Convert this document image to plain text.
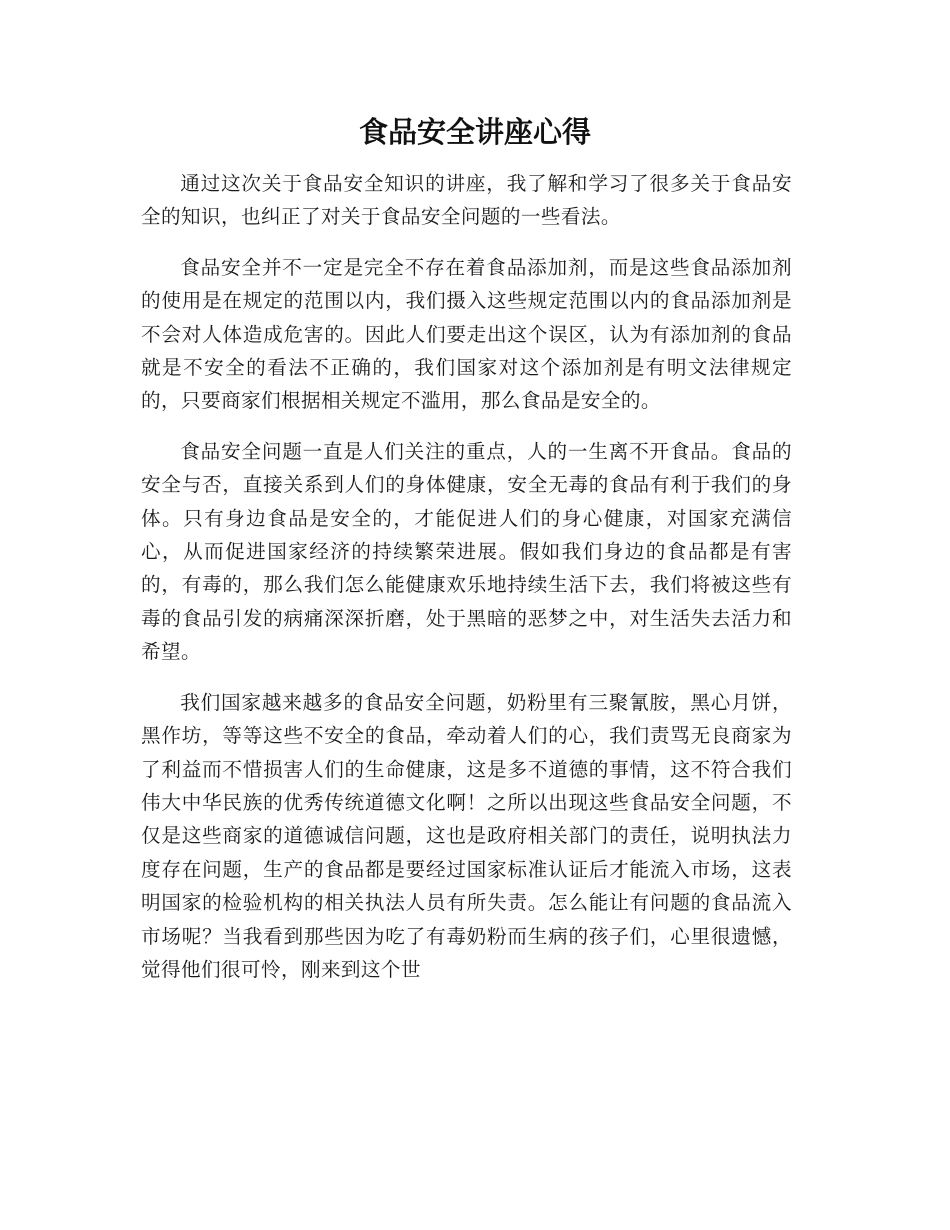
食品安全讲座心得

通过这次关于食品安全知识的讲座，我了解和学习了很多关于食品安全的知识，也纠正了对关于食品安全问题的一些看法。

食品安全并不一定是完全不存在着食品添加剂，而是这些食品添加剂的使用是在规定的范围以内，我们摄入这些规定范围以内的食品添加剂是不会对人体造成危害的。因此人们要走出这个误区，认为有添加剂的食品就是不安全的看法不正确的，我们国家对这个添加剂是有明文法律规定的，只要商家们根据相关规定不滥用，那么食品是安全的。

食品安全问题一直是人们关注的重点，人的一生离不开食品。食品的安全与否，直接关系到人们的身体健康，安全无毒的食品有利于我们的身体。只有身边食品是安全的，才能促进人们的身心健康，对国家充满信心，从而促进国家经济的持续繁荣进展。假如我们身边的食品都是有害的，有毒的，那么我们怎么能健康欢乐地持续生活下去，我们将被这些有毒的食品引发的病痛深深折磨，处于黑暗的恶梦之中，对生活失去活力和希望。

我们国家越来越多的食品安全问题，奶粉里有三聚氰胺，黑心月饼，黑作坊，等等这些不安全的食品，牵动着人们的心，我们责骂无良商家为了利益而不惜损害人们的生命健康，这是多不道德的事情，这不符合我们伟大中华民族的优秀传统道德文化啊！之所以出现这些食品安全问题，不仅是这些商家的道德诚信问题，这也是政府相关部门的责任，说明执法力度存在问题，生产的食品都是要经过国家标准认证后才能流入市场，这表明国家的检验机构的相关执法人员有所失责。怎么能让有问题的食品流入市场呢？当我看到那些因为吃了有毒奶粉而生病的孩子们，心里很遗憾，觉得他们很可怜，刚来到这个世
